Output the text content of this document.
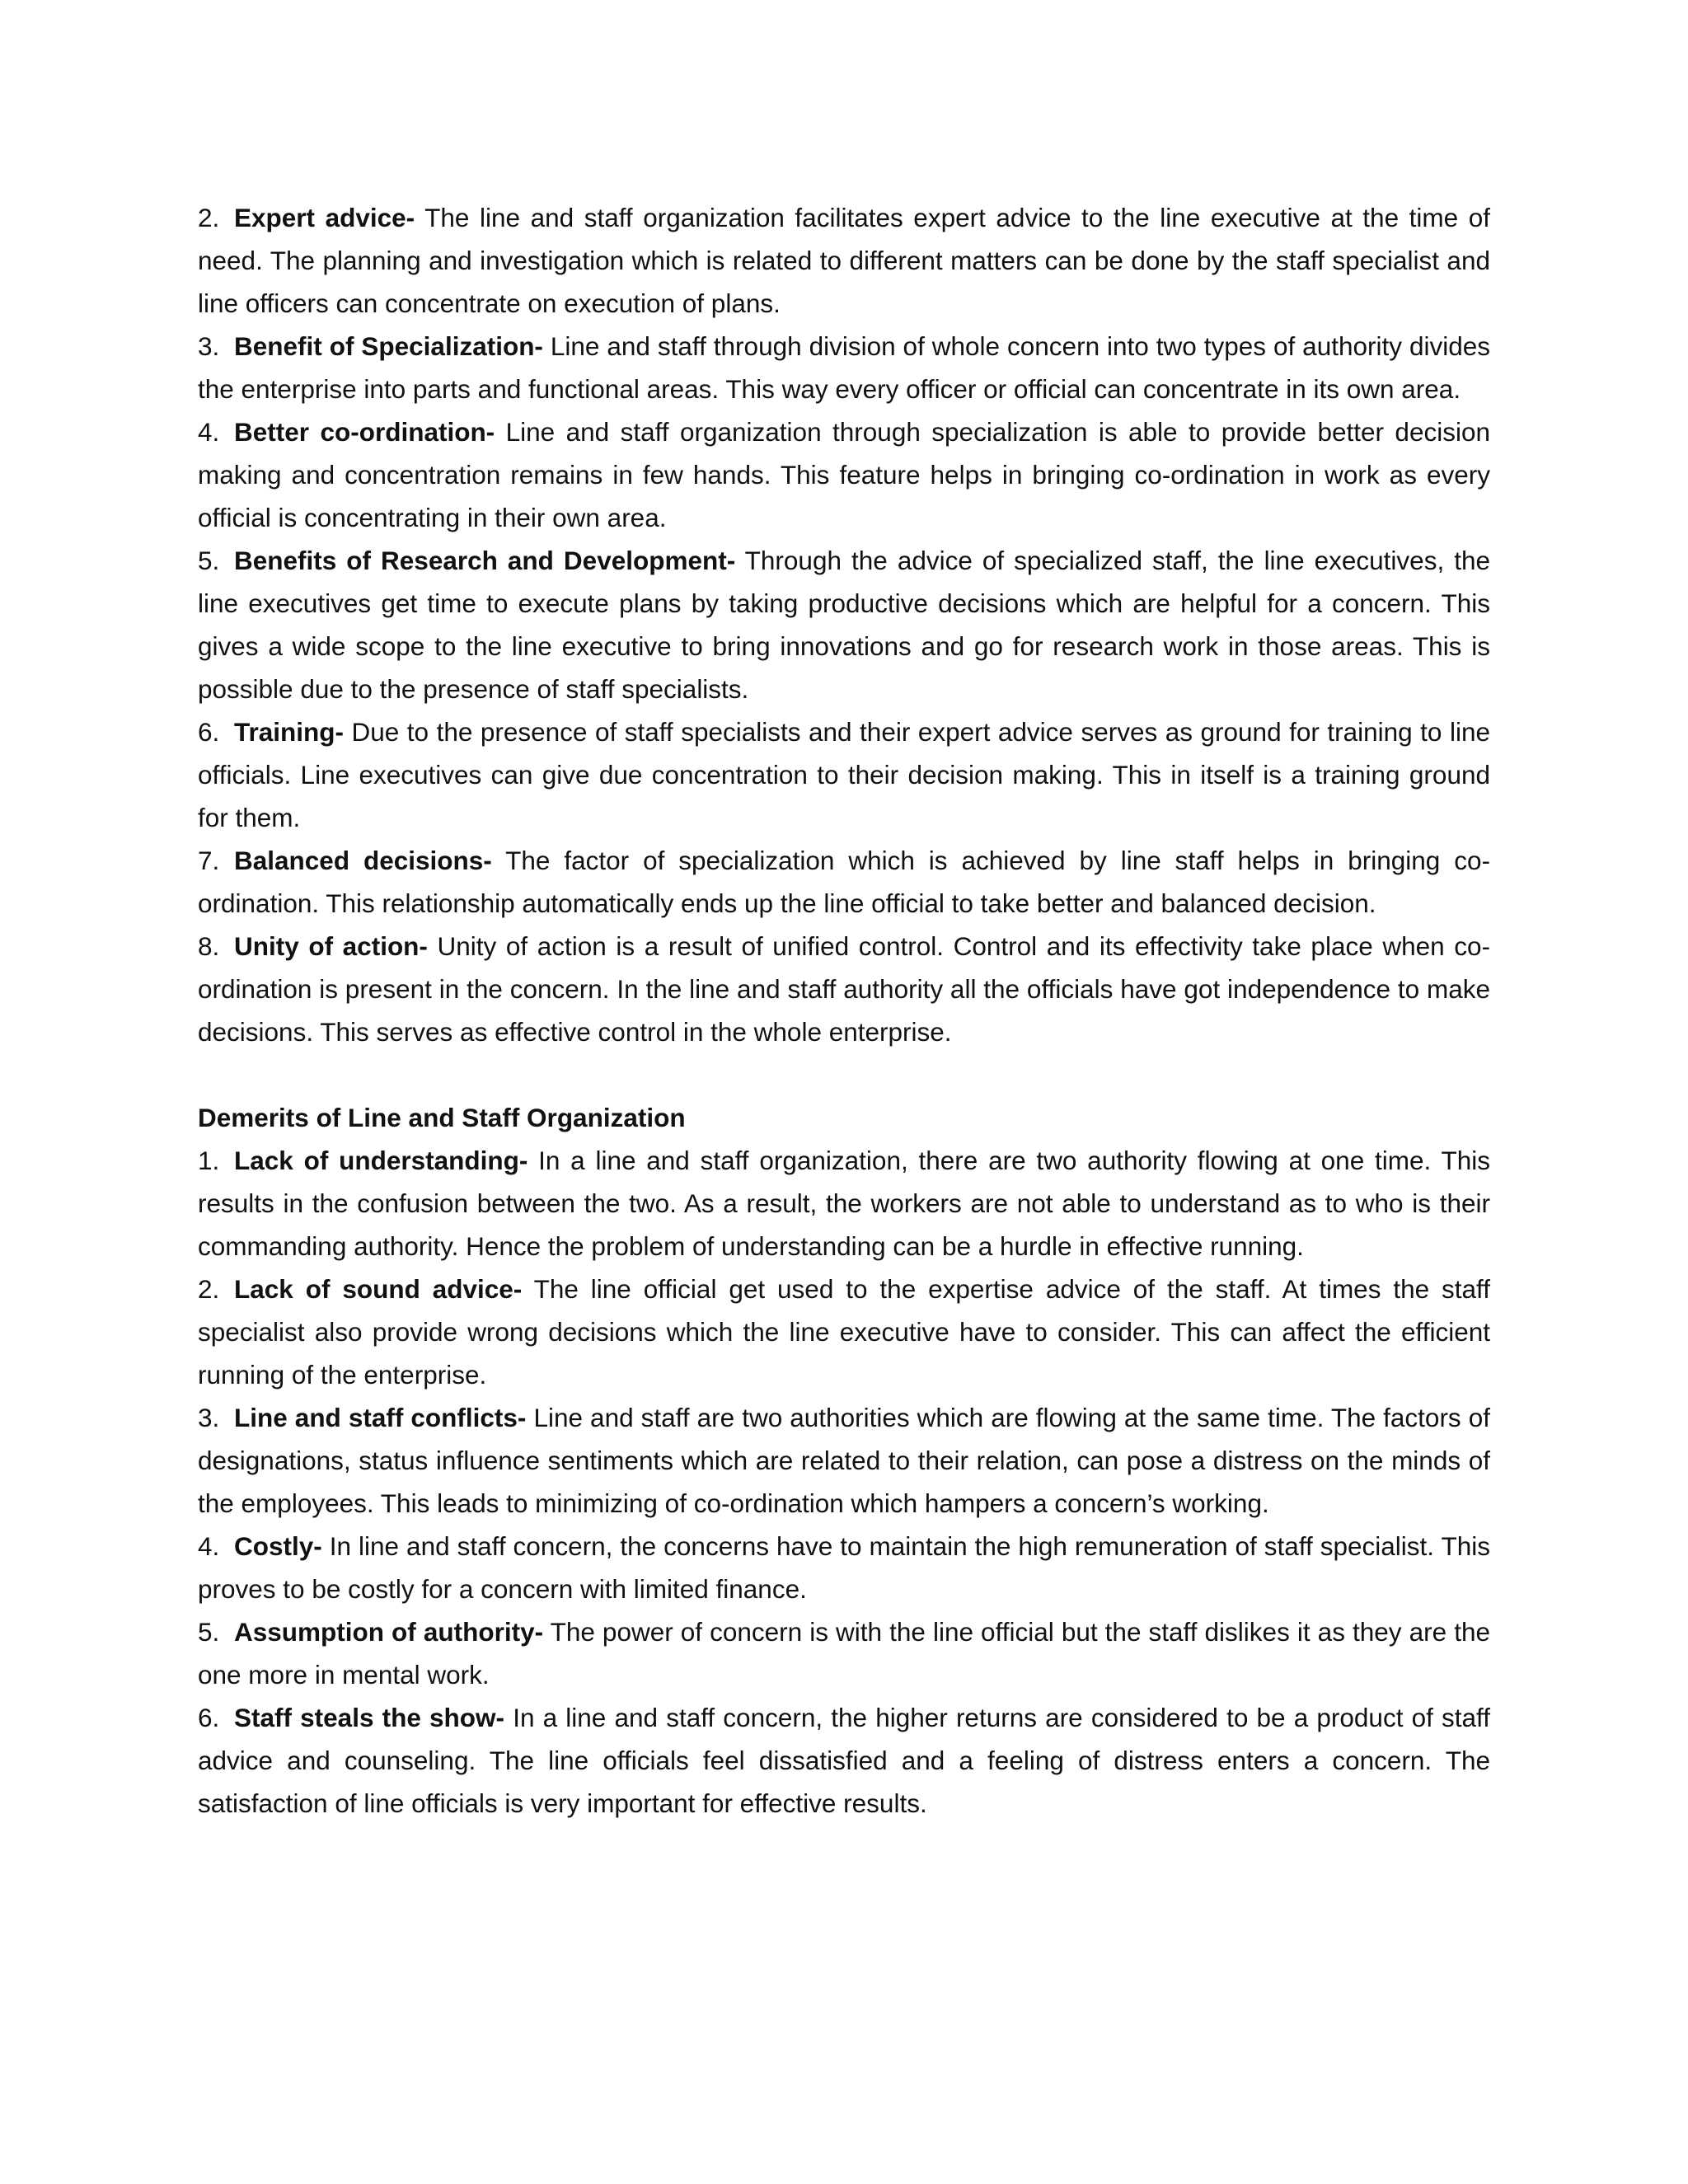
2. Expert advice- The line and staff organization facilitates expert advice to the line executive at the time of need. The planning and investigation which is related to different matters can be done by the staff specialist and line officers can concentrate on execution of plans.

3. Benefit of Specialization- Line and staff through division of whole concern into two types of authority divides the enterprise into parts and functional areas. This way every officer or official can concentrate in its own area.

4. Better co-ordination- Line and staff organization through specialization is able to provide better decision making and concentration remains in few hands. This feature helps in bringing co-ordination in work as every official is concentrating in their own area.

5. Benefits of Research and Development- Through the advice of specialized staff, the line executives, the line executives get time to execute plans by taking productive decisions which are helpful for a concern. This gives a wide scope to the line executive to bring innovations and go for research work in those areas. This is possible due to the presence of staff specialists.

6. Training- Due to the presence of staff specialists and their expert advice serves as ground for training to line officials. Line executives can give due concentration to their decision making. This in itself is a training ground for them.

7. Balanced decisions- The factor of specialization which is achieved by line staff helps in bringing co-ordination. This relationship automatically ends up the line official to take better and balanced decision.

8. Unity of action- Unity of action is a result of unified control. Control and its effectivity take place when co-ordination is present in the concern. In the line and staff authority all the officials have got independence to make decisions. This serves as effective control in the whole enterprise.

Demerits of Line and Staff Organization

1. Lack of understanding- In a line and staff organization, there are two authority flowing at one time. This results in the confusion between the two. As a result, the workers are not able to understand as to who is their commanding authority. Hence the problem of understanding can be a hurdle in effective running.

2. Lack of sound advice- The line official get used to the expertise advice of the staff. At times the staff specialist also provide wrong decisions which the line executive have to consider. This can affect the efficient running of the enterprise.

3. Line and staff conflicts- Line and staff are two authorities which are flowing at the same time. The factors of designations, status influence sentiments which are related to their relation, can pose a distress on the minds of the employees. This leads to minimizing of co-ordination which hampers a concern’s working.

4. Costly- In line and staff concern, the concerns have to maintain the high remuneration of staff specialist. This proves to be costly for a concern with limited finance.

5. Assumption of authority- The power of concern is with the line official but the staff dislikes it as they are the one more in mental work.

6. Staff steals the show- In a line and staff concern, the higher returns are considered to be a product of staff advice and counseling. The line officials feel dissatisfied and a feeling of distress enters a concern. The satisfaction of line officials is very important for effective results.
